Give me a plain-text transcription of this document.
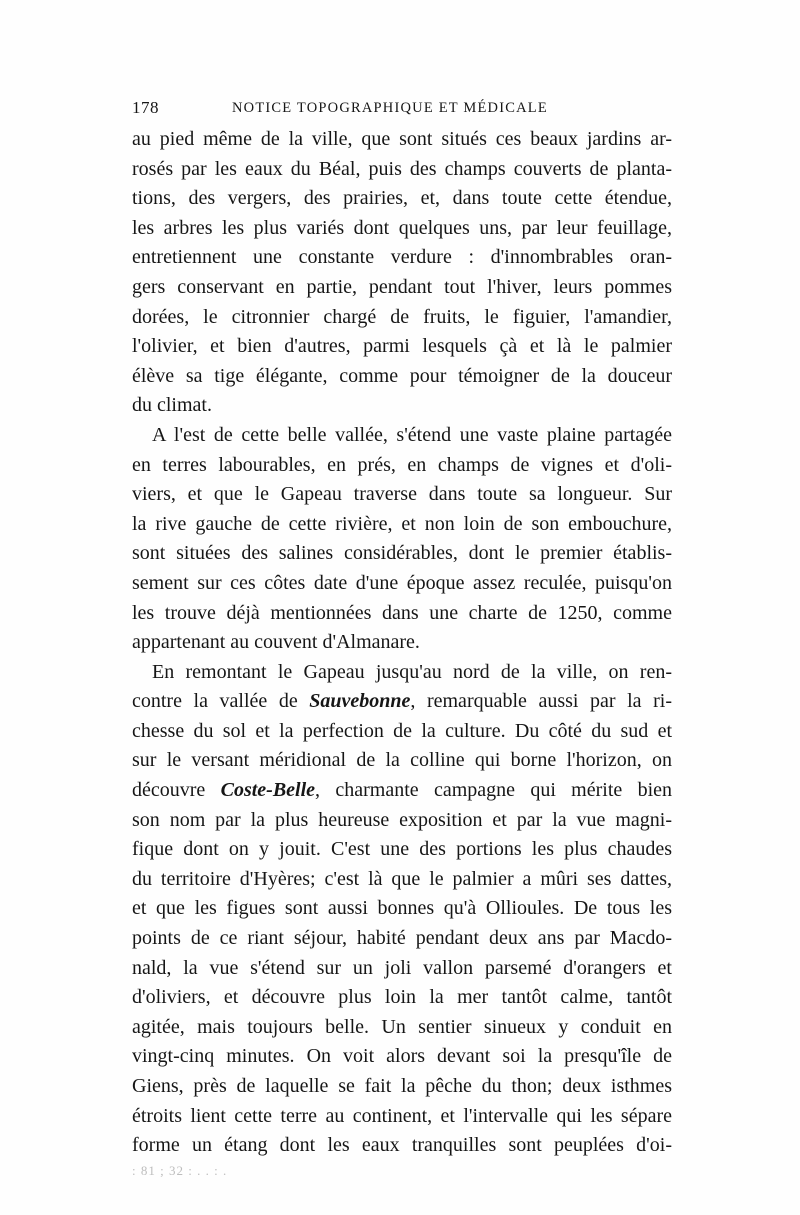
178	NOTICE TOPOGRAPHIQUE ET MÉDICALE
au pied même de la ville, que sont situés ces beaux jardins ar-
rosés par les eaux du Béal, puis des champs couverts de planta-
tions, des vergers, des prairies, et, dans toute cette étendue,
les arbres les plus variés dont quelques uns, par leur feuillage,
entretiennent une constante verdure : d'innombrables oran-
gers conservant en partie, pendant tout l'hiver, leurs pommes
dorées, le citronnier chargé de fruits, le figuier, l'amandier,
l'olivier, et bien d'autres, parmi lesquels çà et là le palmier
élève sa tige élégante, comme pour témoigner de la douceur
du climat.
A l'est de cette belle vallée, s'étend une vaste plaine partagée
en terres labourables, en prés, en champs de vignes et d'oli-
viers, et que le Gapeau traverse dans toute sa longueur. Sur
la rive gauche de cette rivière, et non loin de son embouchure,
sont situées des salines considérables, dont le premier établis-
sement sur ces côtes date d'une époque assez reculée, puisqu'on
les trouve déjà mentionnées dans une charte de 1250, comme
appartenant au couvent d'Almanare.
En remontant le Gapeau jusqu'au nord de la ville, on ren-
contre la vallée de Sauvebonne, remarquable aussi par la ri-
chesse du sol et la perfection de la culture. Du côté du sud et
sur le versant méridional de la colline qui borne l'horizon, on
découvre Coste-Belle, charmante campagne qui mérite bien
son nom par la plus heureuse exposition et par la vue magni-
fique dont on y jouit. C'est une des portions les plus chaudes
du territoire d'Hyères; c'est là que le palmier a mûri ses dattes,
et que les figues sont aussi bonnes qu'à Ollioules. De tous les
points de ce riant séjour, habité pendant deux ans par Macdo-
nald, la vue s'étend sur un joli vallon parsemé d'orangers et
d'oliviers, et découvre plus loin la mer tantôt calme, tantôt
agitée, mais toujours belle. Un sentier sinueux y conduit en
vingt-cinq minutes. On voit alors devant soi la presqu'île de
Giens, près de laquelle se fait la pêche du thon; deux isthmes
étroits lient cette terre au continent, et l'intervalle qui les sépare
forme un étang dont les eaux tranquilles sont peuplées d'oi-
: 81 ; 32 : . . : .
